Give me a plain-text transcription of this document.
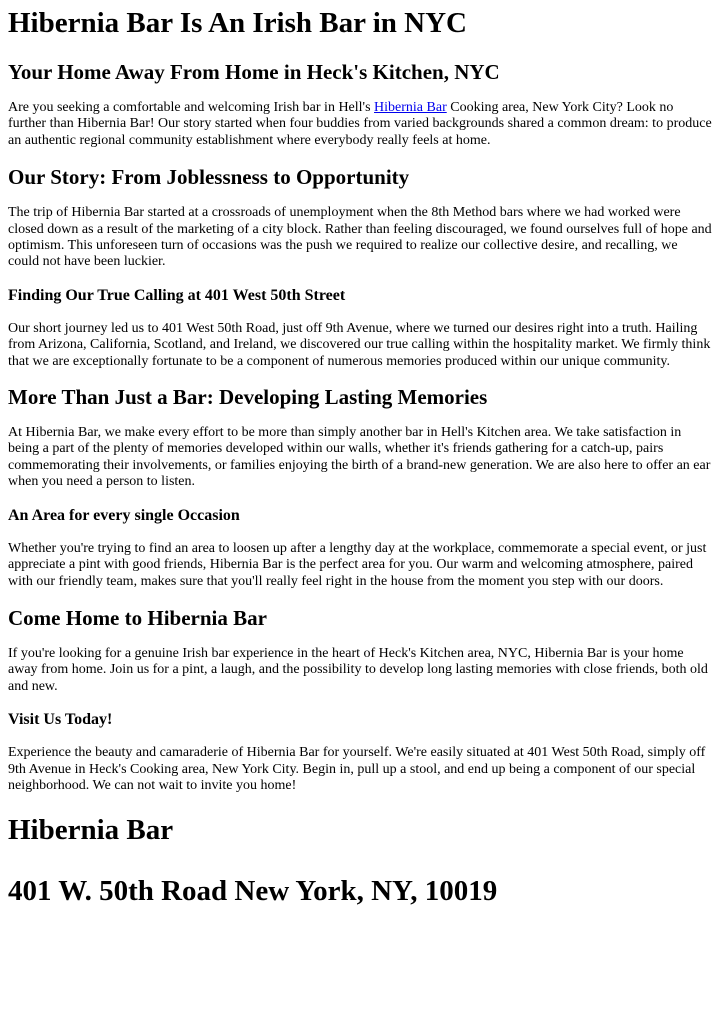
Hibernia Bar Is An Irish Bar in NYC
Your Home Away From Home in Heck's Kitchen, NYC

Are you seeking a comfortable and welcoming Irish bar in Hell's Hibernia Bar Cooking area, New York City? Look no further than Hibernia Bar! Our story started when four buddies from varied backgrounds shared a common dream: to produce an authentic regional community establishment where everybody really feels at home.

Our Story: From Joblessness to Opportunity

The trip of Hibernia Bar started at a crossroads of unemployment when the 8th Method bars where we had worked were closed down as a result of the marketing of a city block. Rather than feeling discouraged, we found ourselves full of hope and optimism. This unforeseen turn of occasions was the push we required to realize our collective desire, and recalling, we could not have been luckier.

Finding Our True Calling at 401 West 50th Street

Our short journey led us to 401 West 50th Road, just off 9th Avenue, where we turned our desires right into a truth. Hailing from Arizona, California, Scotland, and Ireland, we discovered our true calling within the hospitality market. We firmly think that we are exceptionally fortunate to be a component of numerous memories produced within our unique community.

More Than Just a Bar: Developing Lasting Memories

At Hibernia Bar, we make every effort to be more than simply another bar in Hell's Kitchen area. We take satisfaction in being a part of the plenty of memories developed within our walls, whether it's friends gathering for a catch-up, pairs commemorating their involvements, or families enjoying the birth of a brand-new generation. We are also here to offer an ear when you need a person to listen.

An Area for every single Occasion

Whether you're trying to find an area to loosen up after a lengthy day at the workplace, commemorate a special event, or just appreciate a pint with good friends, Hibernia Bar is the perfect area for you. Our warm and welcoming atmosphere, paired with our friendly team, makes sure that you'll really feel right in the house from the moment you step with our doors.

Come Home to Hibernia Bar

If you're looking for a genuine Irish bar experience in the heart of Heck's Kitchen area, NYC, Hibernia Bar is your home away from home. Join us for a pint, a laugh, and the possibility to develop long lasting memories with close friends, both old and new.

Visit Us Today!

Experience the beauty and camaraderie of Hibernia Bar for yourself. We're easily situated at 401 West 50th Road, simply off 9th Avenue in Heck's Cooking area, New York City. Begin in, pull up a stool, and end up being a component of our special neighborhood. We can not wait to invite you home!

Hibernia Bar
401 W. 50th Road New York, NY, 10019
